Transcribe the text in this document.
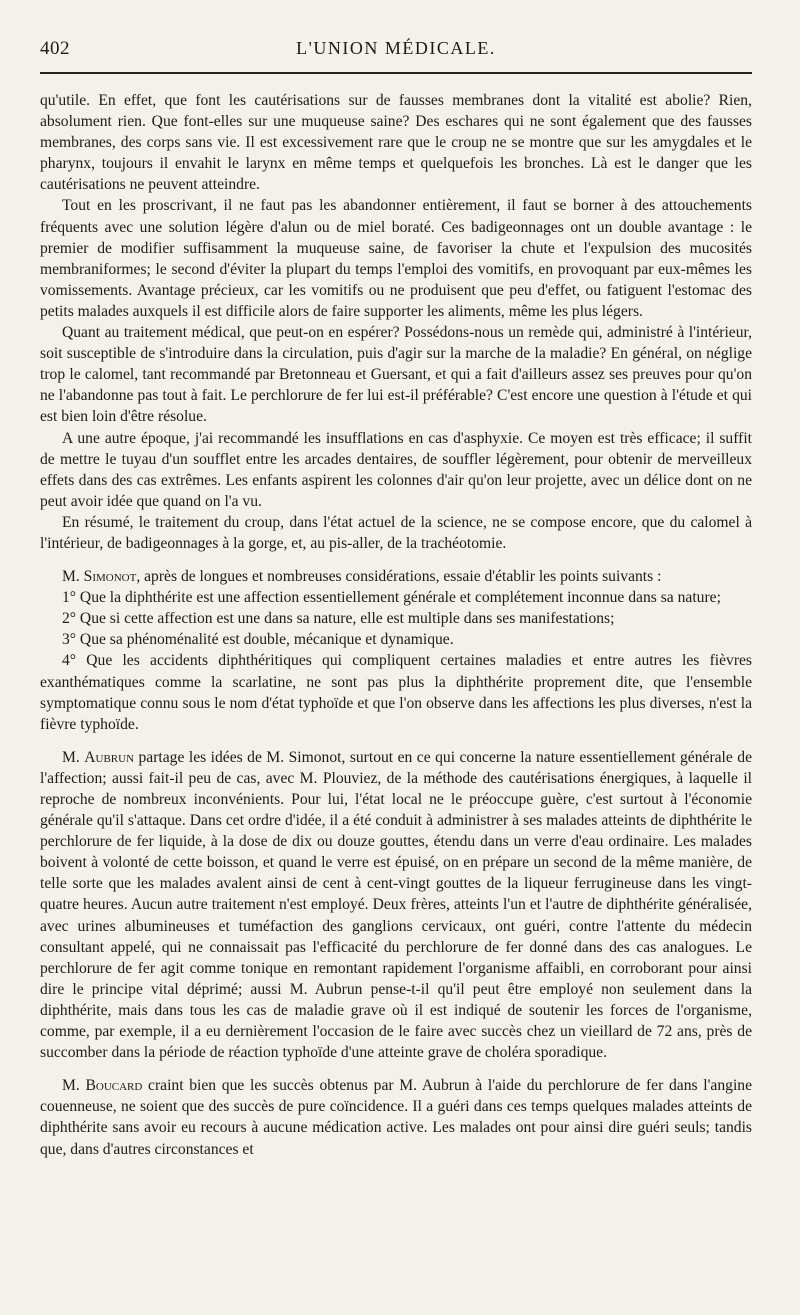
402	L'UNION MÉDICALE.

qu'utile. En effet, que font les cautérisations sur de fausses membranes dont la vitalité est abolie? Rien, absolument rien. Que font-elles sur une muqueuse saine? Des eschares qui ne sont également que des fausses membranes, des corps sans vie. Il est excessivement rare que le croup ne se montre que sur les amygdales et le pharynx, toujours il envahit le larynx en même temps et quelquefois les bronches. Là est le danger que les cautérisations ne peuvent atteindre.

Tout en les proscrivant, il ne faut pas les abandonner entièrement, il faut se borner à des attouchements fréquents avec une solution légère d'alun ou de miel boraté. Ces badigeonnages ont un double avantage : le premier de modifier suffisamment la muqueuse saine, de favoriser la chute et l'expulsion des mucosités membraniformes; le second d'éviter la plupart du temps l'emploi des vomitifs, en provoquant par eux-mêmes les vomissements. Avantage précieux, car les vomitifs ou ne produisent que peu d'effet, ou fatiguent l'estomac des petits malades auxquels il est difficile alors de faire supporter les aliments, même les plus légers.

Quant au traitement médical, que peut-on en espérer? Possédons-nous un remède qui, administré à l'intérieur, soit susceptible de s'introduire dans la circulation, puis d'agir sur la marche de la maladie? En général, on néglige trop le calomel, tant recommandé par Bretonneau et Guersant, et qui a fait d'ailleurs assez ses preuves pour qu'on ne l'abandonne pas tout à fait. Le perchlorure de fer lui est-il préférable? C'est encore une question à l'étude et qui est bien loin d'être résolue.

A une autre époque, j'ai recommandé les insufflations en cas d'asphyxie. Ce moyen est très efficace; il suffit de mettre le tuyau d'un soufflet entre les arcades dentaires, de souffler légèrement, pour obtenir de merveilleux effets dans des cas extrêmes. Les enfants aspirent les colonnes d'air qu'on leur projette, avec un délice dont on ne peut avoir idée que quand on l'a vu.

En résumé, le traitement du croup, dans l'état actuel de la science, ne se compose encore, que du calomel à l'intérieur, de badigeonnages à la gorge, et, au pis-aller, de la trachéotomie.

M. Simonot, après de longues et nombreuses considérations, essaie d'établir les points suivants :

1° Que la diphthérite est une affection essentiellement générale et complétement inconnue dans sa nature;

2° Que si cette affection est une dans sa nature, elle est multiple dans ses manifestations;

3° Que sa phénoménalité est double, mécanique et dynamique.

4° Que les accidents diphthéritiques qui compliquent certaines maladies et entre autres les fièvres exanthématiques comme la scarlatine, ne sont pas plus la diphthérite proprement dite, que l'ensemble symptomatique connu sous le nom d'état typhoïde et que l'on observe dans les affections les plus diverses, n'est la fièvre typhoïde.

M. Aubrun partage les idées de M. Simonot, surtout en ce qui concerne la nature essentiellement générale de l'affection; aussi fait-il peu de cas, avec M. Plouviez, de la méthode des cautérisations énergiques, à laquelle il reproche de nombreux inconvénients. Pour lui, l'état local ne le préoccupe guère, c'est surtout à l'économie générale qu'il s'attaque. Dans cet ordre d'idée, il a été conduit à administrer à ses malades atteints de diphthérite le perchlorure de fer liquide, à la dose de dix ou douze gouttes, étendu dans un verre d'eau ordinaire. Les malades boivent à volonté de cette boisson, et quand le verre est épuisé, on en prépare un second de la même manière, de telle sorte que les malades avalent ainsi de cent à cent-vingt gouttes de la liqueur ferrugineuse dans les vingt-quatre heures. Aucun autre traitement n'est employé. Deux frères, atteints l'un et l'autre de diphthérite généralisée, avec urines albumineuses et tuméfaction des ganglions cervicaux, ont guéri, contre l'attente du médecin consultant appelé, qui ne connaissait pas l'efficacité du perchlorure de fer donné dans des cas analogues. Le perchlorure de fer agit comme tonique en remontant rapidement l'organisme affaibli, en corroborant pour ainsi dire le principe vital déprimé; aussi M. Aubrun pense-t-il qu'il peut être employé non seulement dans la diphthérite, mais dans tous les cas de maladie grave où il est indiqué de soutenir les forces de l'organisme, comme, par exemple, il a eu dernièrement l'occasion de le faire avec succès chez un vieillard de 72 ans, près de succomber dans la période de réaction typhoïde d'une atteinte grave de choléra sporadique.

M. Boucard craint bien que les succès obtenus par M. Aubrun à l'aide du perchlorure de fer dans l'angine couenneuse, ne soient que des succès de pure coïncidence. Il a guéri dans ces temps quelques malades atteints de diphthérite sans avoir eu recours à aucune médication active. Les malades ont pour ainsi dire guéri seuls; tandis que, dans d'autres circonstances et
